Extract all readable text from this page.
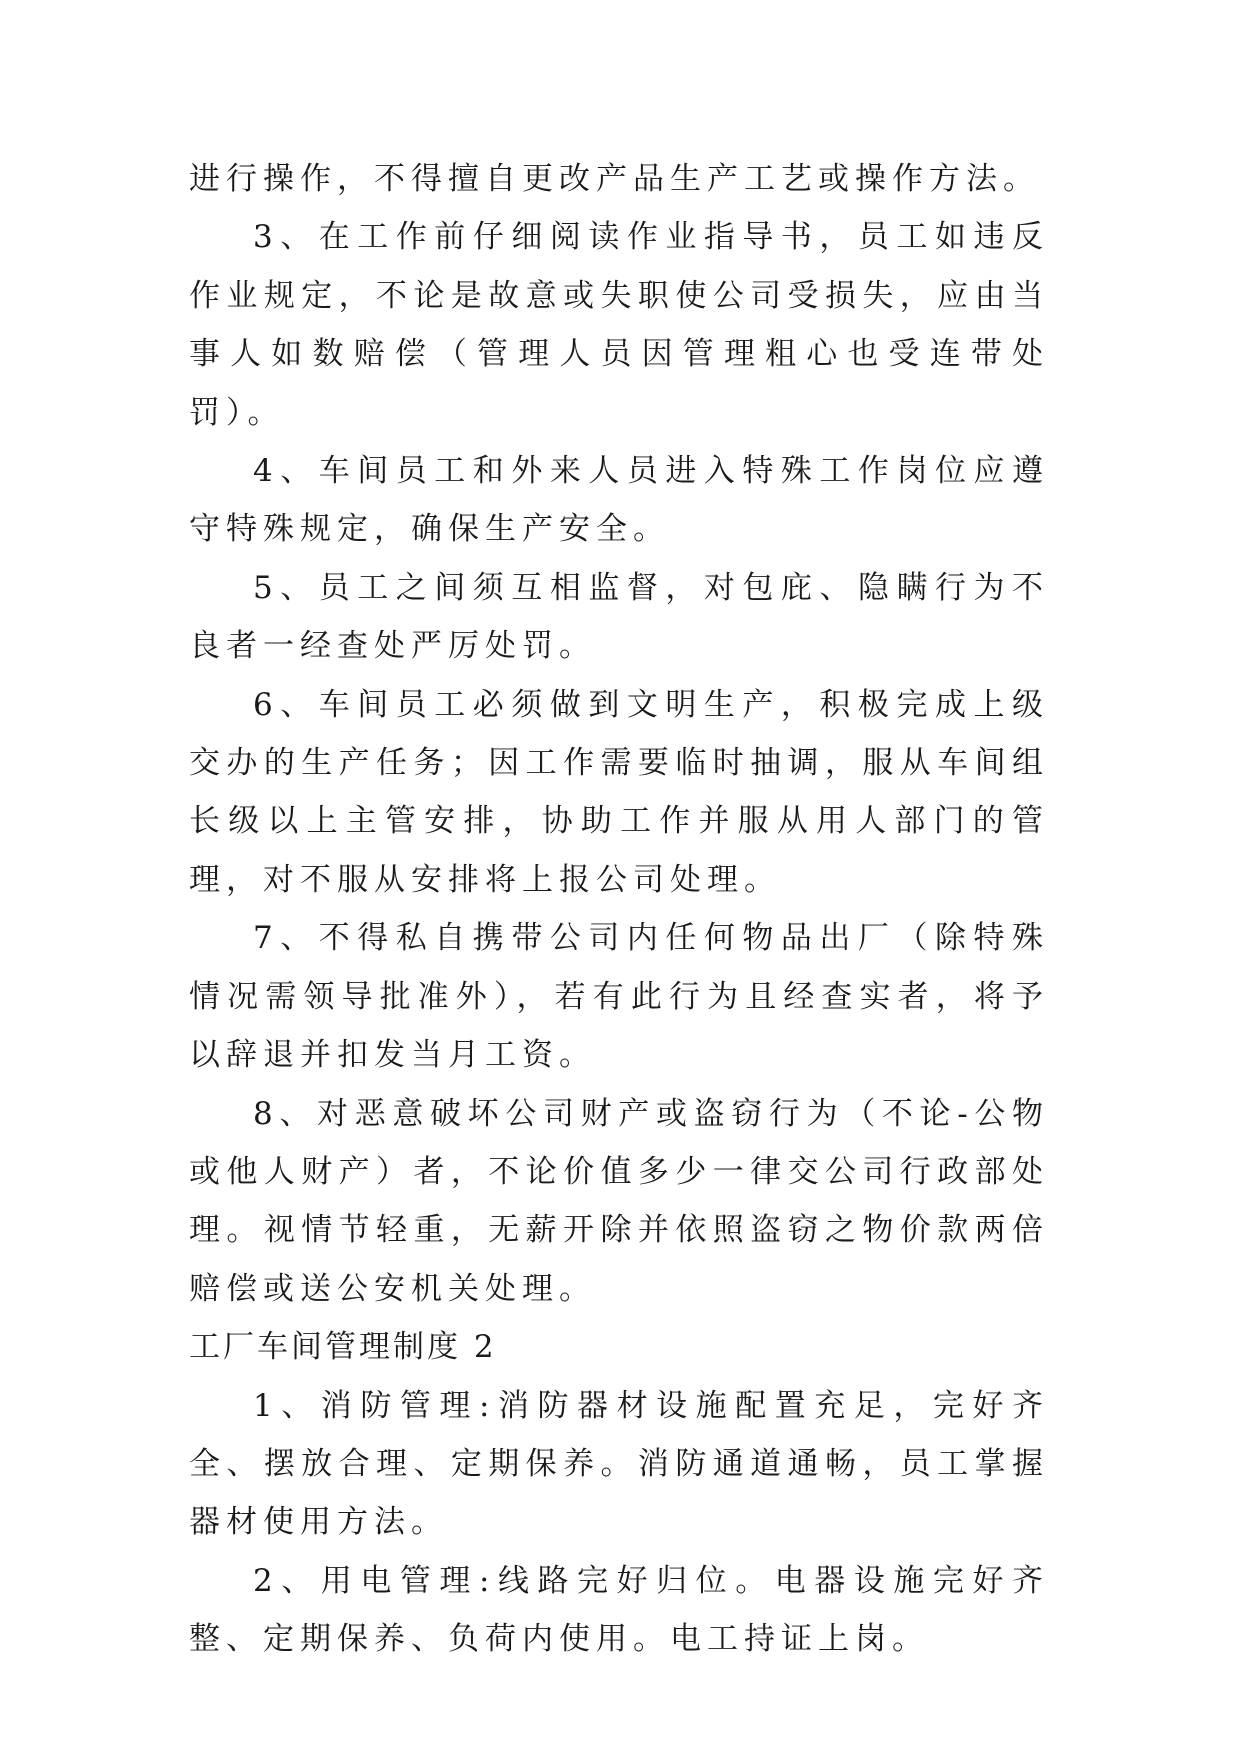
进行操作，不得擅自更改产品生产工艺或操作方法。

3、在工作前仔细阅读作业指导书，员工如违反作业规定，不论是故意或失职使公司受损失，应由当事人如数赔偿（管理人员因管理粗心也受连带处罚）。

4、车间员工和外来人员进入特殊工作岗位应遵守特殊规定，确保生产安全。

5、员工之间须互相监督，对包庇、隐瞒行为不良者一经查处严厉处罚。

6、车间员工必须做到文明生产，积极完成上级交办的生产任务；因工作需要临时抽调，服从车间组长级以上主管安排，协助工作并服从用人部门的管理，对不服从安排将上报公司处理。

7、不得私自携带公司内任何物品出厂（除特殊情况需领导批准外），若有此行为且经查实者，将予以辞退并扣发当月工资。

8、对恶意破坏公司财产或盗窃行为（不论-公物或他人财产）者，不论价值多少一律交公司行政部处理。视情节轻重，无薪开除并依照盗窃之物价款两倍赔偿或送公安机关处理。

工厂车间管理制度 2

1、消防管理:消防器材设施配置充足，完好齐全、摆放合理、定期保养。消防通道通畅，员工掌握器材使用方法。

2、用电管理:线路完好归位。电器设施完好齐整、定期保养、负荷内使用。电工持证上岗。
